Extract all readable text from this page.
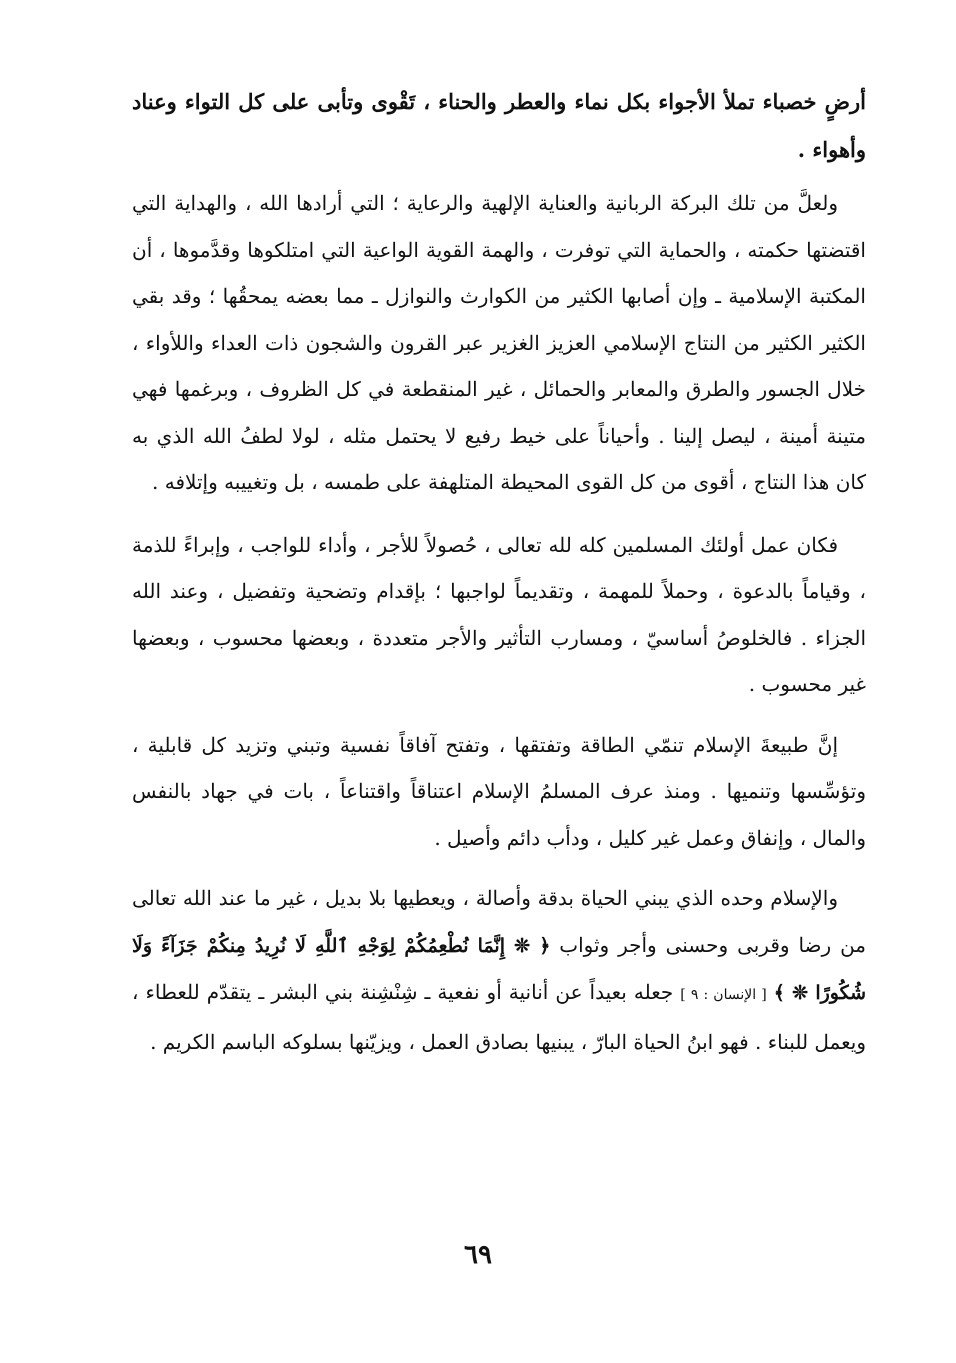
أرضٍ خصباء تملأ الأجواء بكل نماء والعطر والحناء ، تَقْوى وتأبى على كل التواء وعناد وأهواء .

ولعلَّ من تلك البركة الربانية والعناية الإلهية والرعاية ؛ التي أرادها الله ، والهداية التي اقتضتها حكمته ، والحماية التي توفرت ، والهمة القوية الواعية التي امتلكوها وقدَّموها ، أن المكتبة الإسلامية ـ وإن أصابها الكثير من الكوارث والنوازل ـ مما بعضه يمحقُها ؛ وقد بقي الكثير الكثير من النتاج الإسلامي العزيز الغزير عبر القرون والشجون ذات العداء واللأواء ، خلال الجسور والطرق والمعابر والحمائل ، غير المنقطعة في كل الظروف ، وبرغمها فهي متينة أمينة ، ليصل إلينا . وأحياناً على خيط رفيع لا يحتمل مثله ، لولا لطفُ الله الذي به كان هذا النتاج ، أقوى من كل القوى المحيطة المتلهفة على طمسه ، بل وتغييبه وإتلافه .

فكان عمل أولئك المسلمين كله لله تعالى ، حُصولاً للأجر ، وأداء للواجب ، وإبراءً للذمة ، وقياماً بالدعوة ، وحملاً للمهمة ، وتقديماً لواجبها ؛ بإقدام وتضحية وتفضيل ، وعند الله الجزاء . فالخلوصُ أساسيّ ، ومسارب التأثير والأجر متعددة ، وبعضها محسوب ، وبعضها غير محسوب .

إنَّ طبيعةَ الإسلام تنمّي الطاقة وتفتقها ، وتفتح آفاقاً نفسية وتبني وتزيد كل قابلية ، وتؤسِّسها وتنميها . ومنذ عرف المسلمُ الإسلام اعتناقاً واقتناعاً ، بات في جهاد بالنفس والمال ، وإنفاق وعمل غير كليل ، ودأب دائم وأصيل .

والإسلام وحده الذي يبني الحياة بدقة وأصالة ، ويعطيها بلا بديل ، غير ما عند الله تعالى من رضا وقربى وحسنى وأجر وثواب ﴿ ❊ إِنَّمَا نُطْعِمُكُمْ لِوَجْهِ ٱللَّهِ لَا نُرِيدُ مِنكُمْ جَزَآءً وَلَا شُكُورًا ❊ ﴾ [ الإنسان : ٩ ] جعله بعيداً عن أنانية أو نفعية ـ شِنْشِنة بني البشر ـ يتقدّم للعطاء ، ويعمل للبناء . فهو ابنُ الحياة البارّ ، يبنيها بصادق العمل ، ويزيّنها بسلوكه الباسم الكريم .

٦٩
